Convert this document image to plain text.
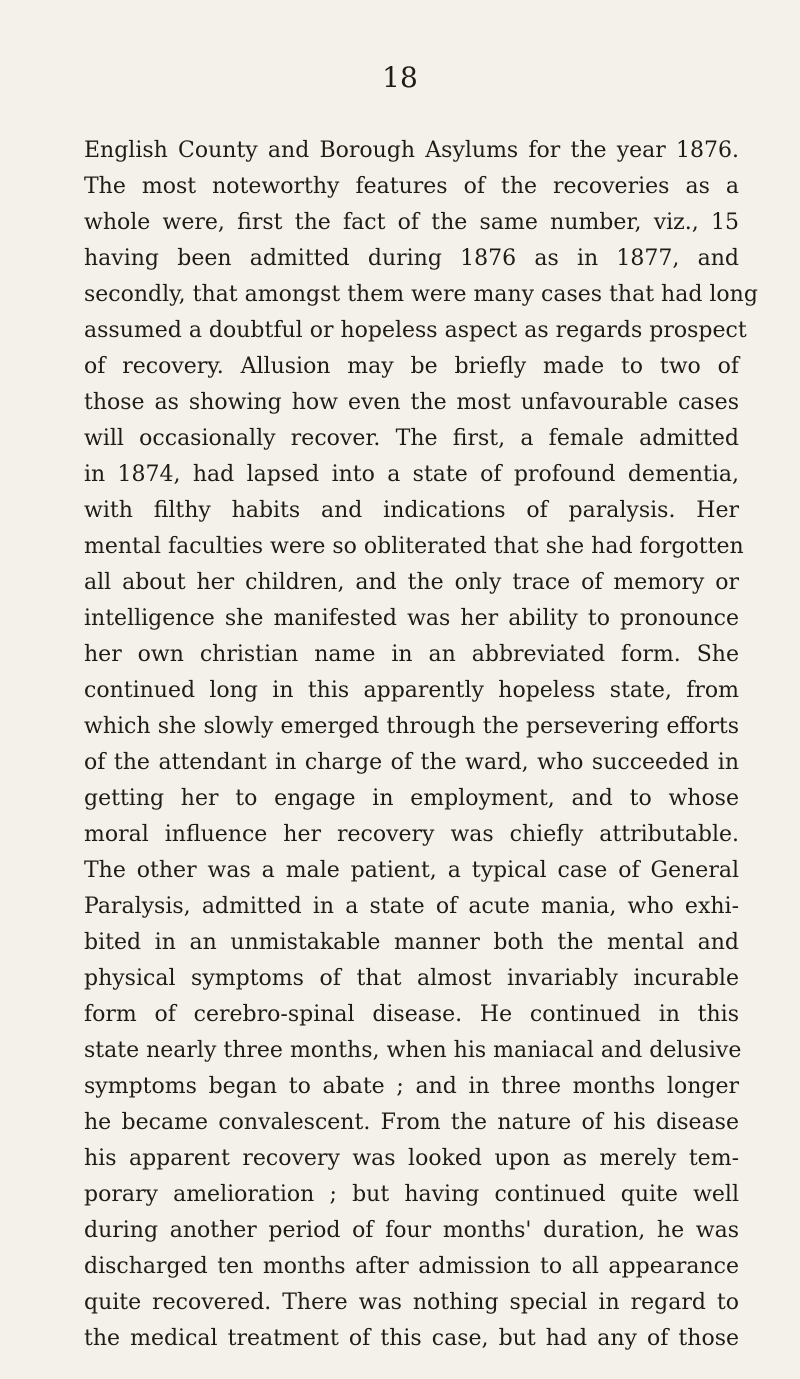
18
English County and Borough Asylums for the year 1876.
The most noteworthy features of the recoveries as a
whole were, first the fact of the same number, viz., 15
having been admitted during 1876 as in 1877, and
secondly, that amongst them were many cases that had long
assumed a doubtful or hopeless aspect as regards prospect
of recovery. Allusion may be briefly made to two of
those as showing how even the most unfavourable cases
will occasionally recover. The first, a female admitted
in 1874, had lapsed into a state of profound dementia,
with filthy habits and indications of paralysis. Her
mental faculties were so obliterated that she had forgotten
all about her children, and the only trace of memory or
intelligence she manifested was her ability to pronounce
her own christian name in an abbreviated form. She
continued long in this apparently hopeless state, from
which she slowly emerged through the persevering efforts
of the attendant in charge of the ward, who succeeded in
getting her to engage in employment, and to whose
moral influence her recovery was chiefly attributable.
The other was a male patient, a typical case of General
Paralysis, admitted in a state of acute mania, who exhi-
bited in an unmistakable manner both the mental and
physical symptoms of that almost invariably incurable
form of cerebro-spinal disease. He continued in this
state nearly three months, when his maniacal and delusive
symptoms began to abate ; and in three months longer
he became convalescent. From the nature of his disease
his apparent recovery was looked upon as merely tem-
porary amelioration ; but having continued quite well
during another period of four months' duration, he was
discharged ten months after admission to all appearance
quite recovered. There was nothing special in regard to
the medical treatment of this case, but had any of those
